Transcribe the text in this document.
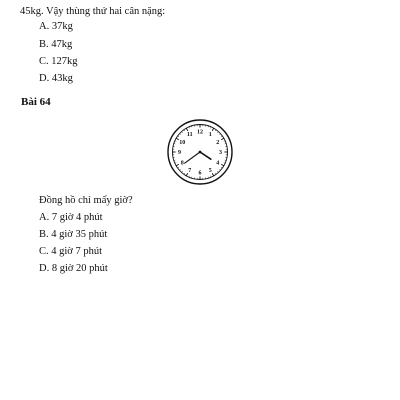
45kg. Vậy thùng thứ hai cân nặng:
A. 37kg
B. 47kg
C. 127kg
D. 43kg
Bài 64
12 1
2
3
4
5
6
7
8
9
10
11
Đồng hồ chỉ mấy giờ?
A. 7 giờ 4 phút
B. 4 giờ 35 phút
C. 4 giờ 7 phút
D. 8 giờ 20 phút
